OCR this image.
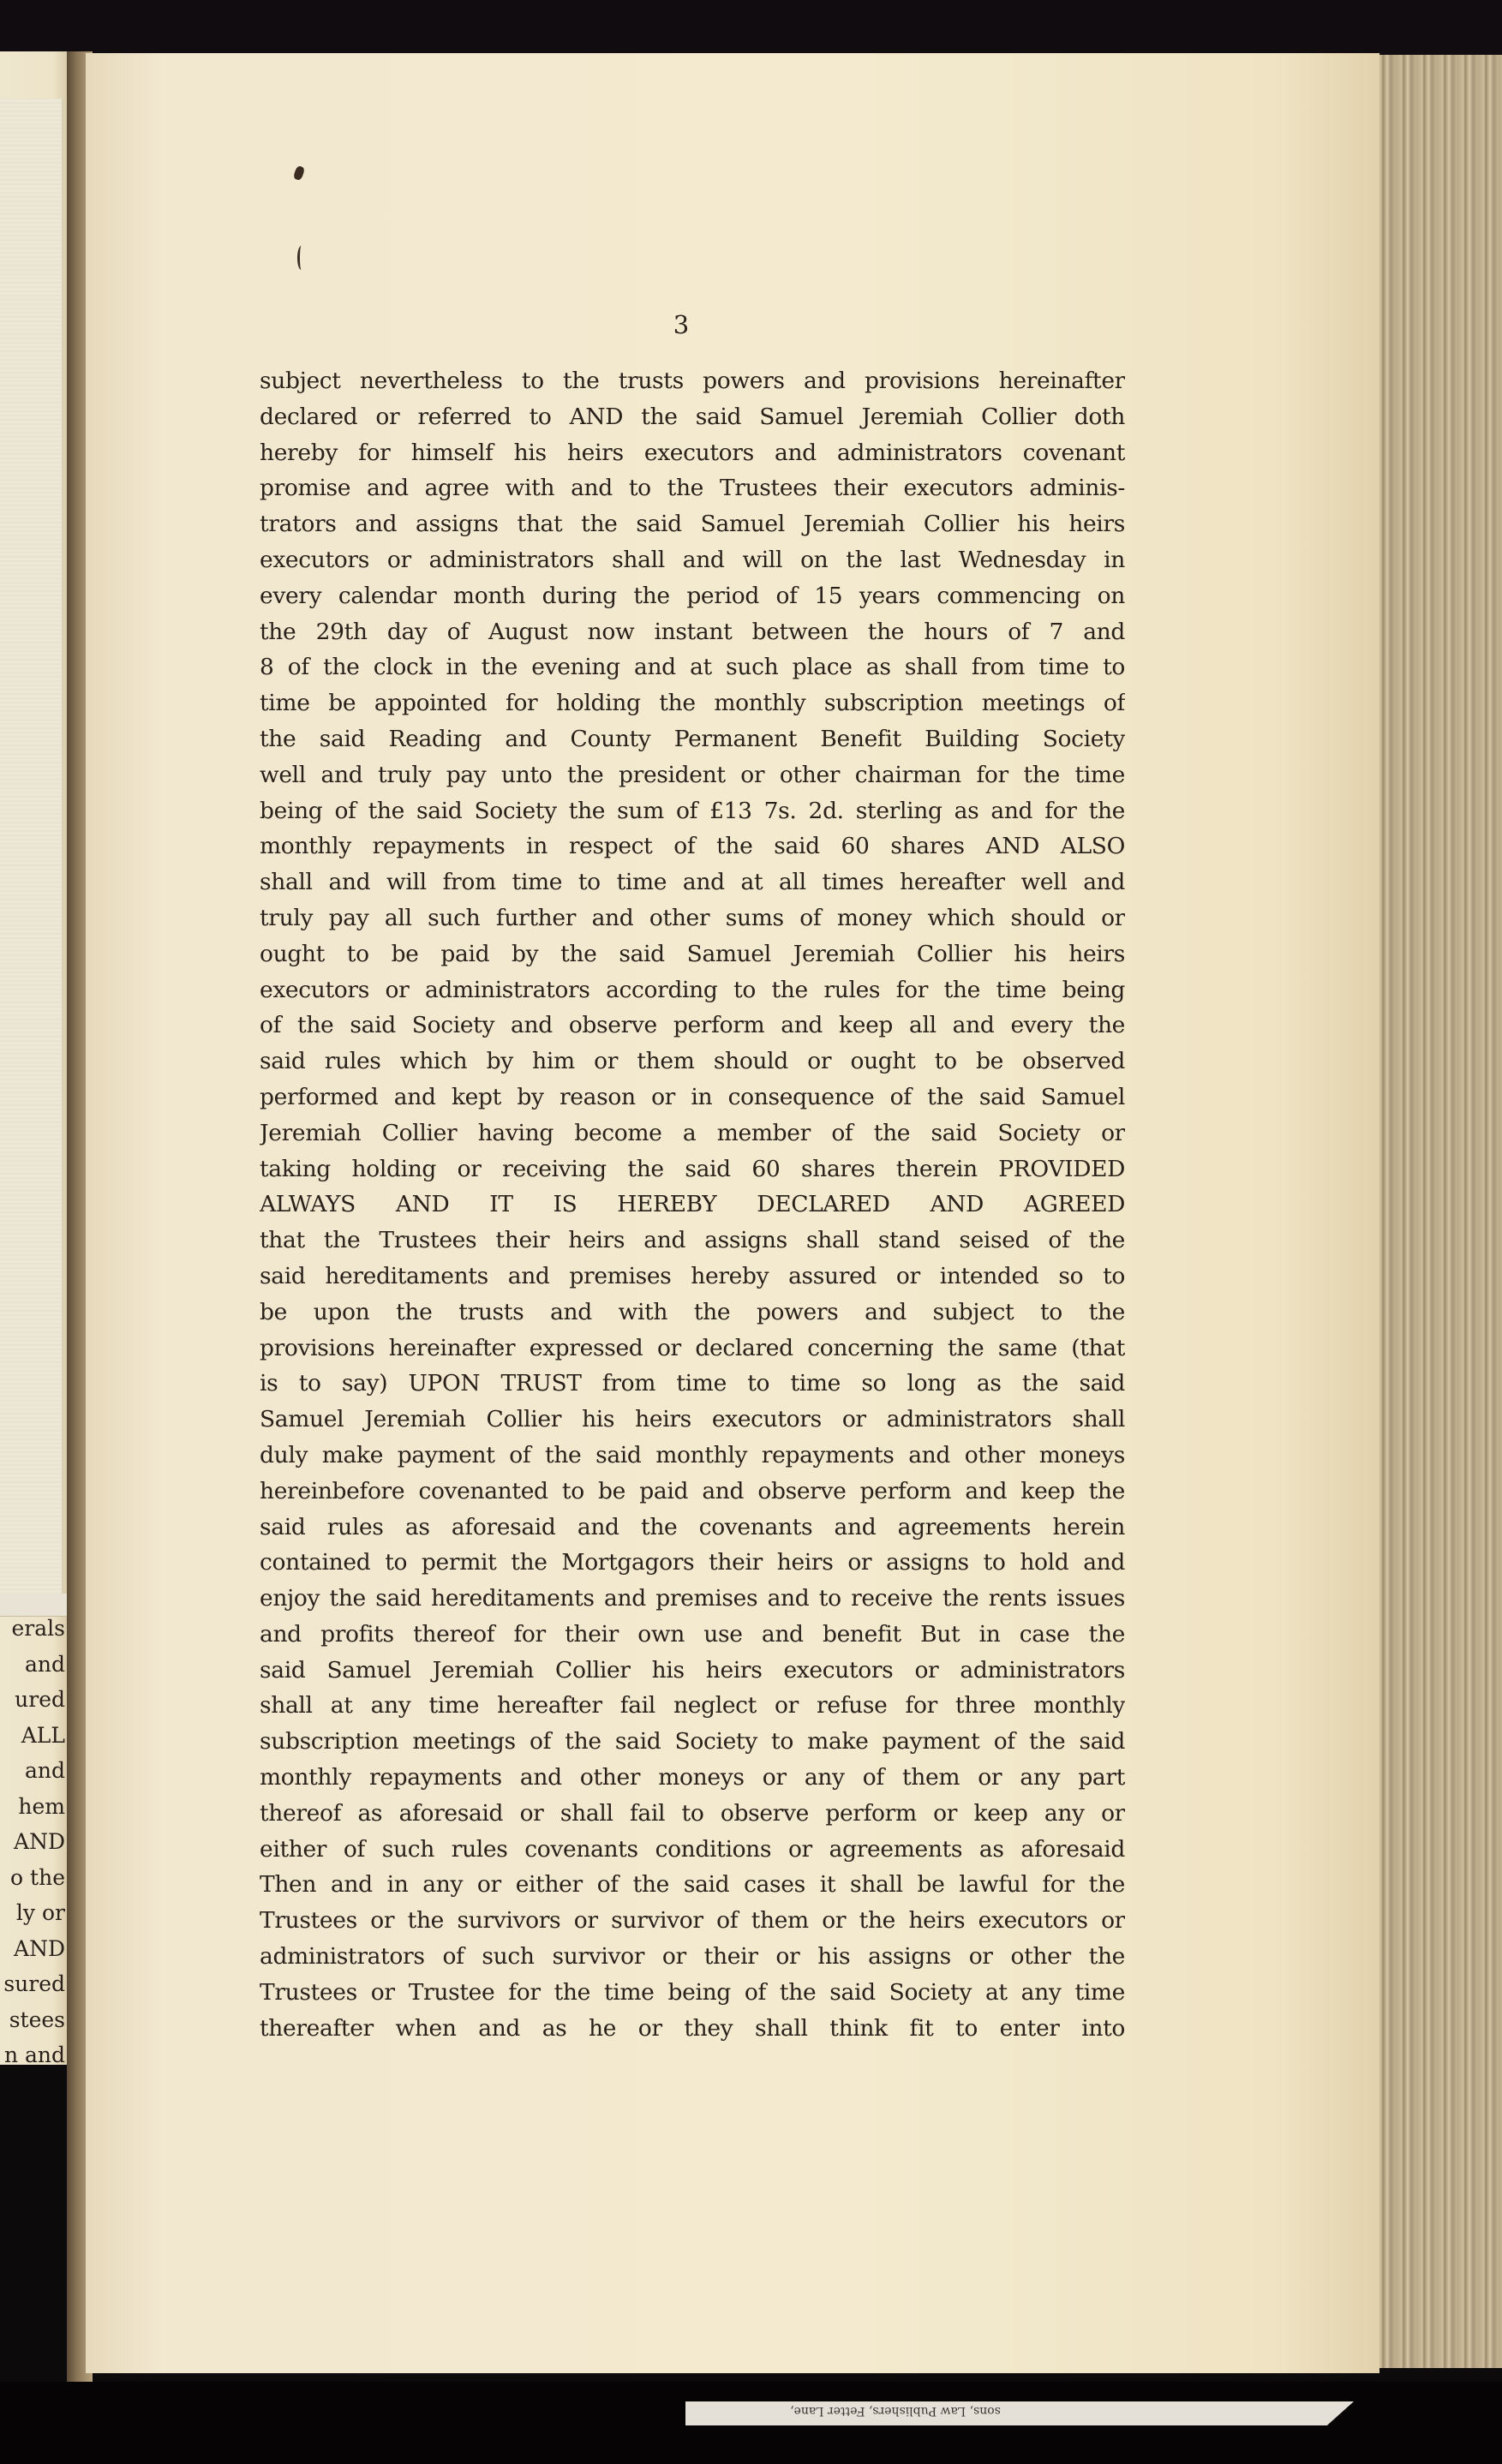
erals
and
ured
ALL
and
hem
AND
o the
ly or
AND
sured
stees
n and
sons, Law Publishers, Fetter Lane,
3
subject nevertheless to the trusts powers and provisions hereinafter
declared or referred to AND the said Samuel Jeremiah Collier doth
hereby for himself his heirs executors and administrators covenant
promise and agree with and to the Trustees their executors adminis-
trators and assigns that the said Samuel Jeremiah Collier his heirs
executors or administrators shall and will on the last Wednesday in
every calendar month during the period of 15 years commencing on
the 29th day of August now instant between the hours of 7 and
8 of the clock in the evening and at such place as shall from time to
time be appointed for holding the monthly subscription meetings of
the said Reading and County Permanent Benefit Building Society
well and truly pay unto the president or other chairman for the time
being of the said Society the sum of £13 7s. 2d. sterling as and for the
monthly repayments in respect of the said 60 shares AND ALSO
shall and will from time to time and at all times hereafter well and
truly pay all such further and other sums of money which should or
ought to be paid by the said Samuel Jeremiah Collier his heirs
executors or administrators according to the rules for the time being
of the said Society and observe perform and keep all and every the
said rules which by him or them should or ought to be observed
performed and kept by reason or in consequence of the said Samuel
Jeremiah Collier having become a member of the said Society or
taking holding or receiving the said 60 shares therein PROVIDED
ALWAYS AND IT IS HEREBY DECLARED AND AGREED
that the Trustees their heirs and assigns shall stand seised of the
said hereditaments and premises hereby assured or intended so to
be upon the trusts and with the powers and subject to the
provisions hereinafter expressed or declared concerning the same (that
is to say) UPON TRUST from time to time so long as the said
Samuel Jeremiah Collier his heirs executors or administrators shall
duly make payment of the said monthly repayments and other moneys
hereinbefore covenanted to be paid and observe perform and keep the
said rules as aforesaid and the covenants and agreements herein
contained to permit the Mortgagors their heirs or assigns to hold and
enjoy the said hereditaments and premises and to receive the rents issues
and profits thereof for their own use and benefit But in case the
said Samuel Jeremiah Collier his heirs executors or administrators
shall at any time hereafter fail neglect or refuse for three monthly
subscription meetings of the said Society to make payment of the said
monthly repayments and other moneys or any of them or any part
thereof as aforesaid or shall fail to observe perform or keep any or
either of such rules covenants conditions or agreements as aforesaid
Then and in any or either of the said cases it shall be lawful for the
Trustees or the survivors or survivor of them or the heirs executors or
administrators of such survivor or their or his assigns or other the
Trustees or Trustee for the time being of the said Society at any time
thereafter when and as he or they shall think fit to enter into
